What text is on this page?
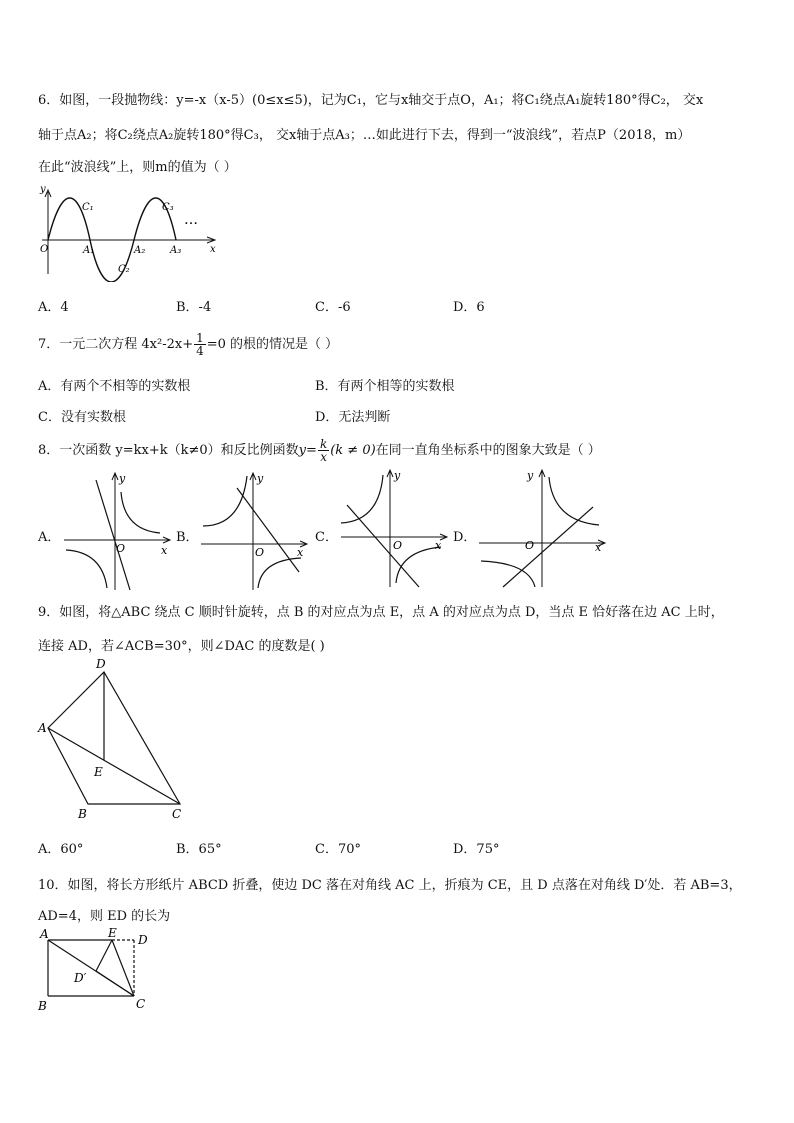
6．如图，一段抛物线：y=-x（x-5）(0≤x≤5)，记为C₁，它与x轴交于点O，A₁；将C₁绕点A₁旋转180°得C₂， 交x
轴于点A₂；将C₂绕点A₂旋转180°得C₃， 交x轴于点A₃；…如此进行下去，得到一“波浪线”，若点P（2018，m）
在此“波浪线”上，则m的值为（ ）
y
x
O	A₁	A₂ A₃
C₁
C₂
C₃
…
A．4	B．-4	C．-6	D．6
7．一元二次方程 $4x^2-2x+ \frac{1}{4} =0$ 的根的情况是（ ）
A．有两个不相等的实数根	B．有两个相等的实数根
C．没有实数根	D．无法判断
8．一次函数 y=kx+k（k≠0）和反比例函数$y= \frac{k}{x} (k \ne 0)$在同一直角坐标系中的图象大致是（ ）
A．
y
x
O
B．
y
x
O
C．
y
x
O
D．
y
x
O
9．如图，将△ABC 绕点 C 顺时针旋转，点 B 的对应点为点 E，点 A 的对应点为点 D，当点 E 恰好落在边 AC 上时，
连接 AD，若∠ACB=30°，则∠DAC 的度数是( )
A
D
E
B	C
A．60°	B．65°	C．70°	D．75°
10．如图，将长方形纸片 ABCD 折叠，使边 DC 落在对角线 AC 上，折痕为 CE，且 D 点落在对角线 D′处．若 AB=3，
AD=4，则 ED 的长为
A	E D
D′
B	C
